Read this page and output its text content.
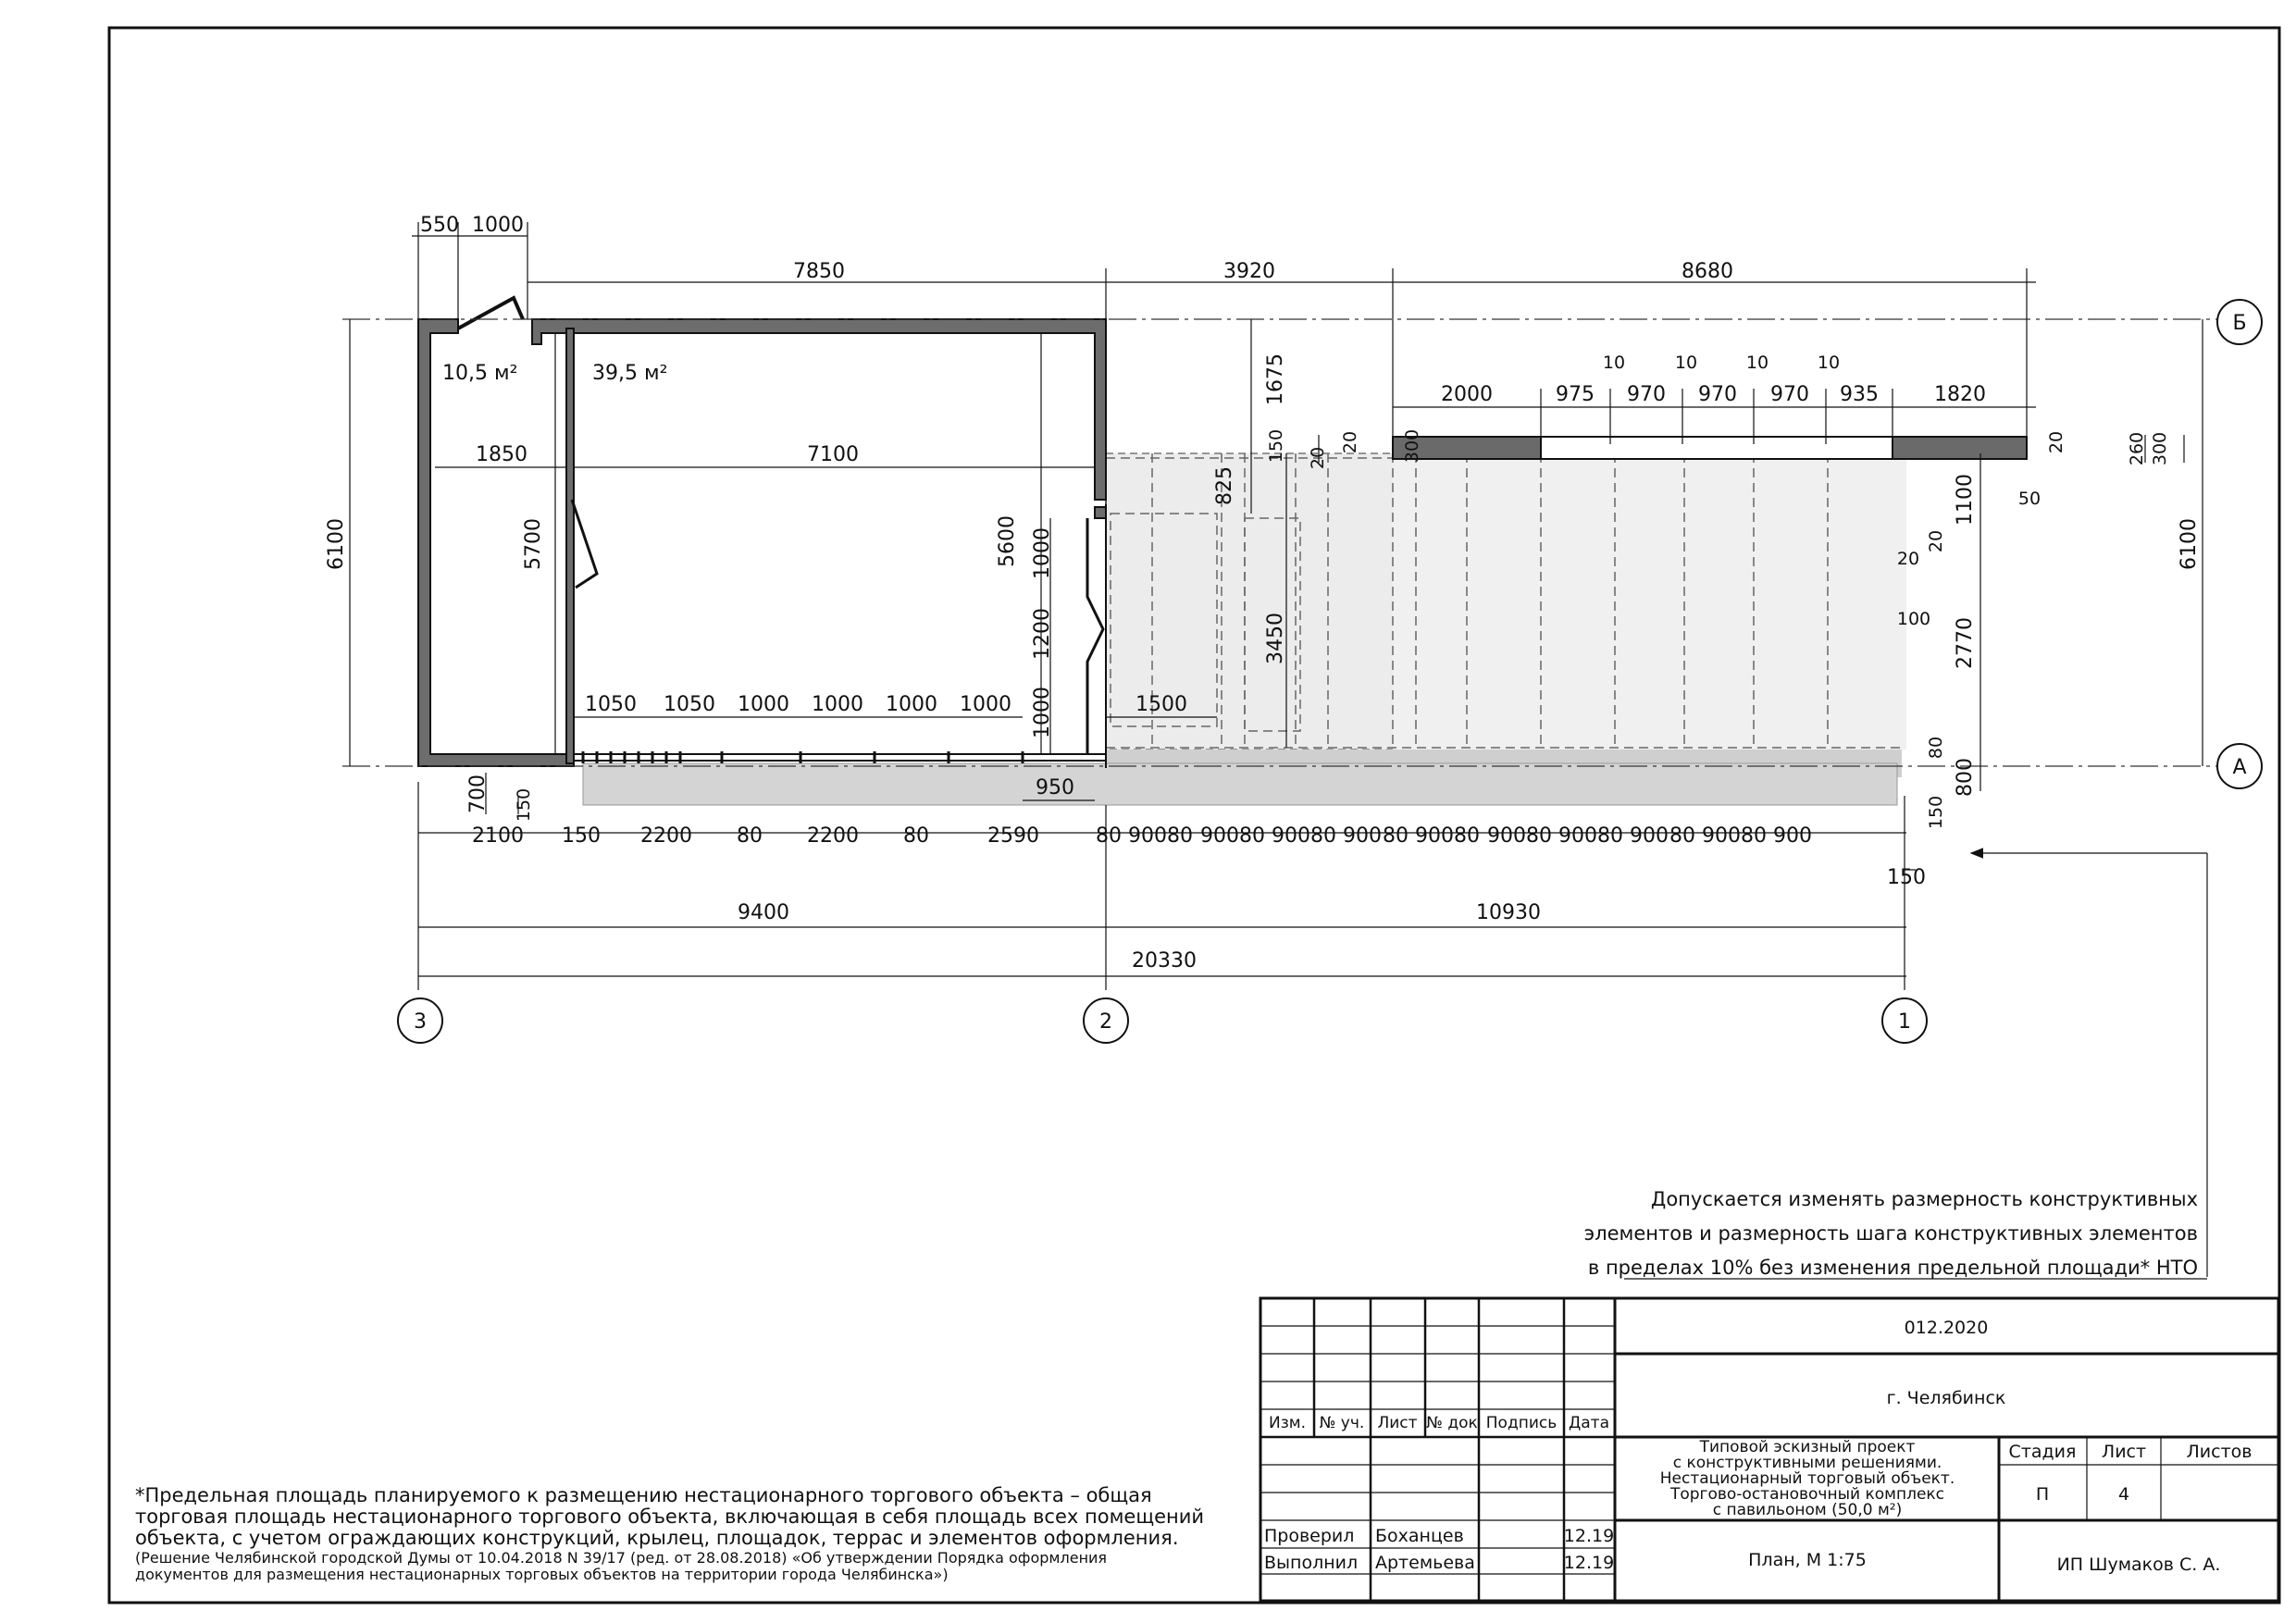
10,5 м²	39,5 м²
Б
А
3	2	1
550 1000
7850	3920	8680
2000	975 970 970 970 935	1820
10	10	10	10
1850	7100
5700	5600
6100	1000
1200
1000
1050 1050 1000 1000 1000 1000
950
1500
3450
825
1675
150 20
20 300	20	260 300
50
1100
20
20
100 2770
80
800
150
150
6100
700 150
2100 150 2200 80 2200 80	2590	80 900 80 900 80 900 80 900 80 900 80 900 80 900 80 900 80 900 80 900
9400	10930
20330
Допускается изменять размерность конструктивных
элементов и размерность шага конструктивных элементов
в пределах 10% без изменения предельной площади* НТО
*Предельная площадь планируемого к размещению нестационарного торгового объекта – общая
торговая площадь нестационарного торгового объекта, включающая в себя площадь всех помещений
объекта, с учетом ограждающих конструкций, крылец, площадок, террас и элементов оформления.
(Решение Челябинской городской Думы от 10.04.2018 N 39/17 (ред. от 28.08.2018) «Об утверждении Порядка оформления
документов для размещения нестационарных торговых объектов на территории города Челябинска»)
Изм. № уч. Лист № док Подпись Дата
012.2020
г. Челябинск
Типовой эскизный проект
с конструктивными решениями.
Нестационарный торговый объект.
Торгово-остановочный комплекс
с павильоном (50,0 м²)
Стадия Лист Листов
П	4
Проверил Боханцев	12.19
Выполнил Артемьева	12.19	План, М 1:75	ИП Шумаков С. А.
